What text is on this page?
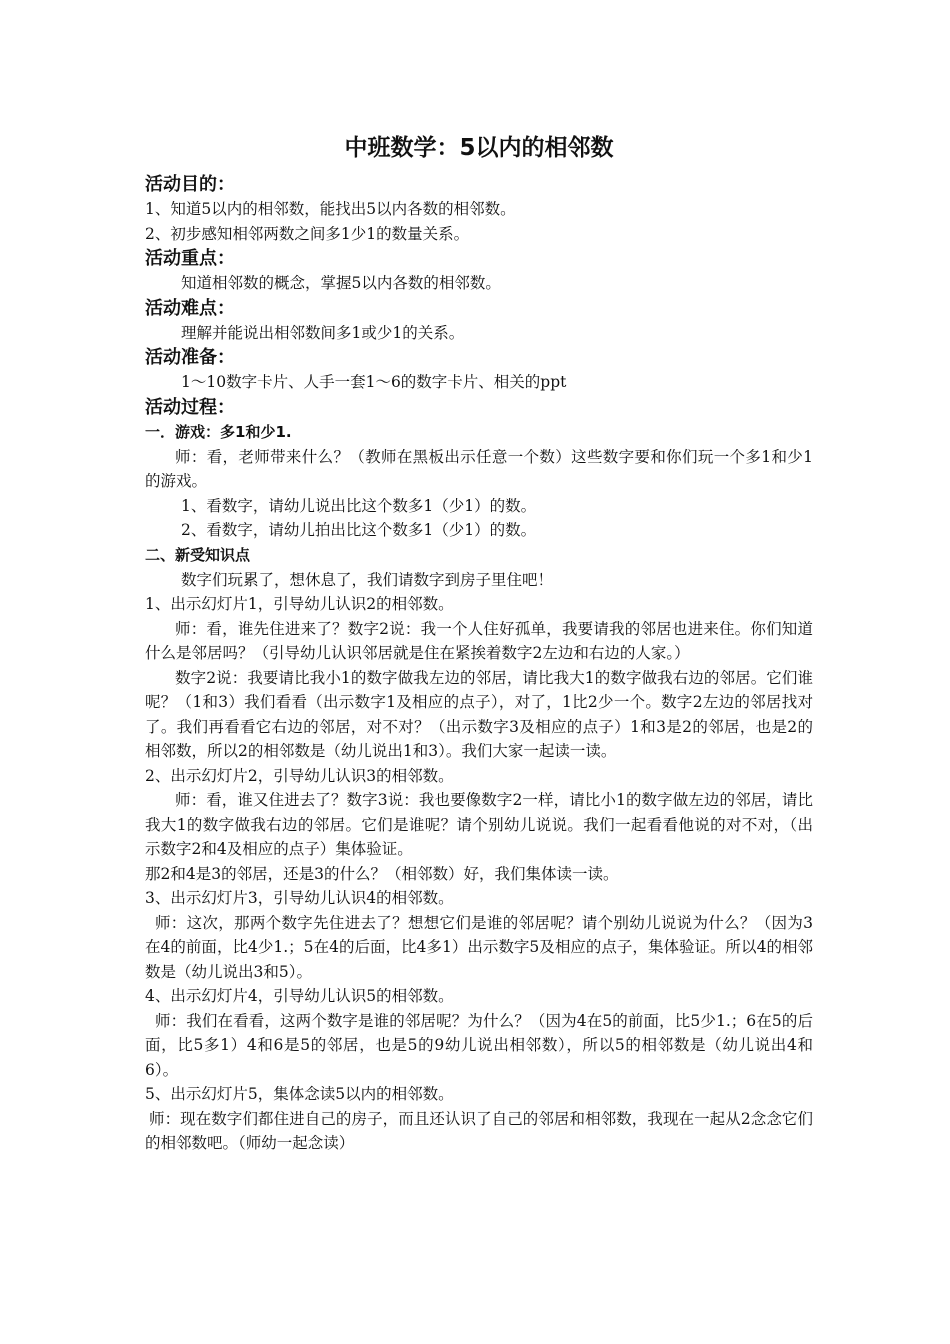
中班数学：5以内的相邻数
活动目的：

1、知道5以内的相邻数，能找出5以内各数的相邻数。

2、初步感知相邻两数之间多1少1的数量关系。

活动重点：

知道相邻数的概念，掌握5以内各数的相邻数。

活动难点：

理解并能说出相邻数间多1或少1的关系。

活动准备：

1～10数字卡片、人手一套1～6的数字卡片、相关的ppt

活动过程：
一．游戏：多1和少1.

师：看，老师带来什么？（教师在黑板出示任意一个数）这些数字要和你们玩一个多1和少1的游戏。

1、看数字，请幼儿说出比这个数多1（少1）的数。

2、看数字，请幼儿拍出比这个数多1（少1）的数。

二、新受知识点

数字们玩累了，想休息了，我们请数字到房子里住吧！

1、出示幻灯片1，引导幼儿认识2的相邻数。

师：看，谁先住进来了？数字2说：我一个人住好孤单，我要请我的邻居也进来住。你们知道什么是邻居吗？（引导幼儿认识邻居就是住在紧挨着数字2左边和右边的人家。）

数字2说：我要请比我小1的数字做我左边的邻居，请比我大1的数字做我右边的邻居。它们谁呢？（1和3）我们看看（出示数字1及相应的点子），对了，1比2少一个。数字2左边的邻居找对了。我们再看看它右边的邻居，对不对？（出示数字3及相应的点子）1和3是2的邻居，也是2的相邻数，所以2的相邻数是（幼儿说出1和3）。我们大家一起读一读。

2、出示幻灯片2，引导幼儿认识3的相邻数。

师：看，谁又住进去了？数字3说：我也要像数字2一样，请比小1的数字做左边的邻居，请比我大1的数字做我右边的邻居。它们是谁呢？请个别幼儿说说。我们一起看看他说的对不对，（出示数字2和4及相应的点子）集体验证。

那2和4是3的邻居，还是3的什么？（相邻数）好，我们集体读一读。

3、出示幻灯片3，引导幼儿认识4的相邻数。

师：这次，那两个数字先住进去了？想想它们是谁的邻居呢？请个别幼儿说说为什么？（因为3在4的前面，比4少1.；5在4的后面，比4多1）出示数字5及相应的点子，集体验证。所以4的相邻数是（幼儿说出3和5）。

4、出示幻灯片4，引导幼儿认识5的相邻数。

师：我们在看看，这两个数字是谁的邻居呢？为什么？（因为4在5的前面，比5少1.；6在5的后面，比5多1）4和6是5的邻居，也是5的9幼儿说出相邻数），所以5的相邻数是（幼儿说出4和6）。

5、出示幻灯片5，集体念读5以内的相邻数。

师：现在数字们都住进自己的房子，而且还认识了自己的邻居和相邻数，我现在一起从2念念它们的相邻数吧。（师幼一起念读）
